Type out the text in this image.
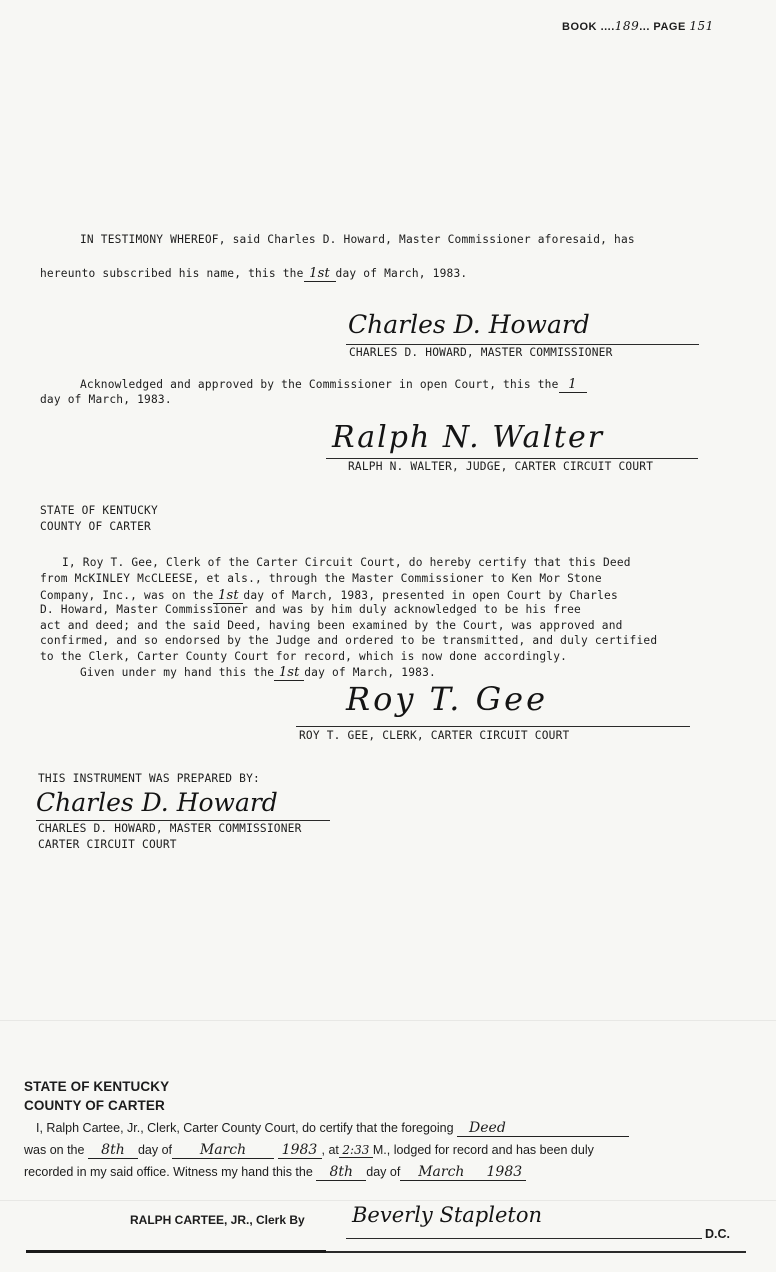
BOOK ....189... PAGE 151
IN TESTIMONY WHEREOF, said Charles D. Howard, Master Commissioner aforesaid, has
hereunto subscribed his name, this the 1st day of March, 1983.
Charles D. Howard
CHARLES D. HOWARD, MASTER COMMISSIONER
Acknowledged and approved by the Commissioner in open Court, this the 1
day of March, 1983.
Ralph N. Walter
RALPH N. WALTER, JUDGE, CARTER CIRCUIT COURT
STATE OF KENTUCKY
COUNTY OF CARTER
I, Roy T. Gee, Clerk of the Carter Circuit Court, do hereby certify that this Deed
from McKINLEY McCLEESE, et als., through the Master Commissioner to Ken Mor Stone
Company, Inc., was on the 1st day of March, 1983, presented in open Court by Charles
D. Howard, Master Commissioner and was by him duly acknowledged to be his free
act and deed; and the said Deed, having been examined by the Court, was approved and
confirmed, and so endorsed by the Judge and ordered to be transmitted, and duly certified
to the Clerk, Carter County Court for record, which is now done accordingly.
Given under my hand this the 1st day of March, 1983.
Roy T. Gee
ROY T. GEE, CLERK, CARTER CIRCUIT COURT
THIS INSTRUMENT WAS PREPARED BY:
Charles D. Howard
CHARLES D. HOWARD, MASTER COMMISSIONER
CARTER CIRCUIT COURT
STATE OF KENTUCKY
COUNTY OF CARTER
I, Ralph Cartee, Jr., Clerk, Carter County Court, do certify that the foregoing Deed
was on the 8th day of March	1983 , at 2:33 M., lodged for record and has been duly
recorded in my said office. Witness my hand this the 8th day of March 1983
RALPH CARTEE, JR., Clerk By Beverly Stapleton
D.C.
